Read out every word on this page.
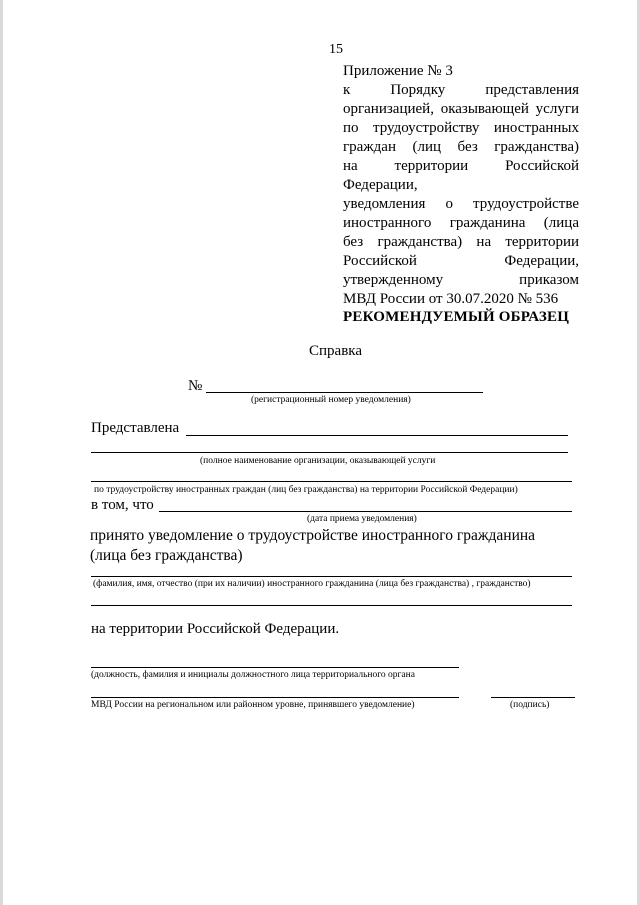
15
Приложение № 3
к Порядку представления
организацией, оказывающей услуги
по трудоустройству иностранных
граждан (лиц без гражданства)
на территории Российской Федерации,
уведомления о трудоустройстве
иностранного гражданина (лица
без гражданства) на территории
Российской Федерации,
утвержденному приказом
МВД России от 30.07.2020 № 536
РЕКОМЕНДУЕМЫЙ ОБРАЗЕЦ
Справка
№
(регистрационный номер уведомления)
Представлена
(полное наименование организации, оказывающей услуги
по трудоустройству иностранных граждан (лиц без гражданства) на территории Российской Федерации)
в том, что
(дата приема уведомления)
принято уведомление о трудоустройстве иностранного гражданина (лица без гражданства)
(фамилия, имя, отчество (при их наличии) иностранного гражданина (лица без гражданства) , гражданство)
на территории Российской Федерации.
(должность, фамилия и инициалы должностного лица территориального органа
МВД России на региональном или районном уровне, принявшего уведомление)	(подпись)
